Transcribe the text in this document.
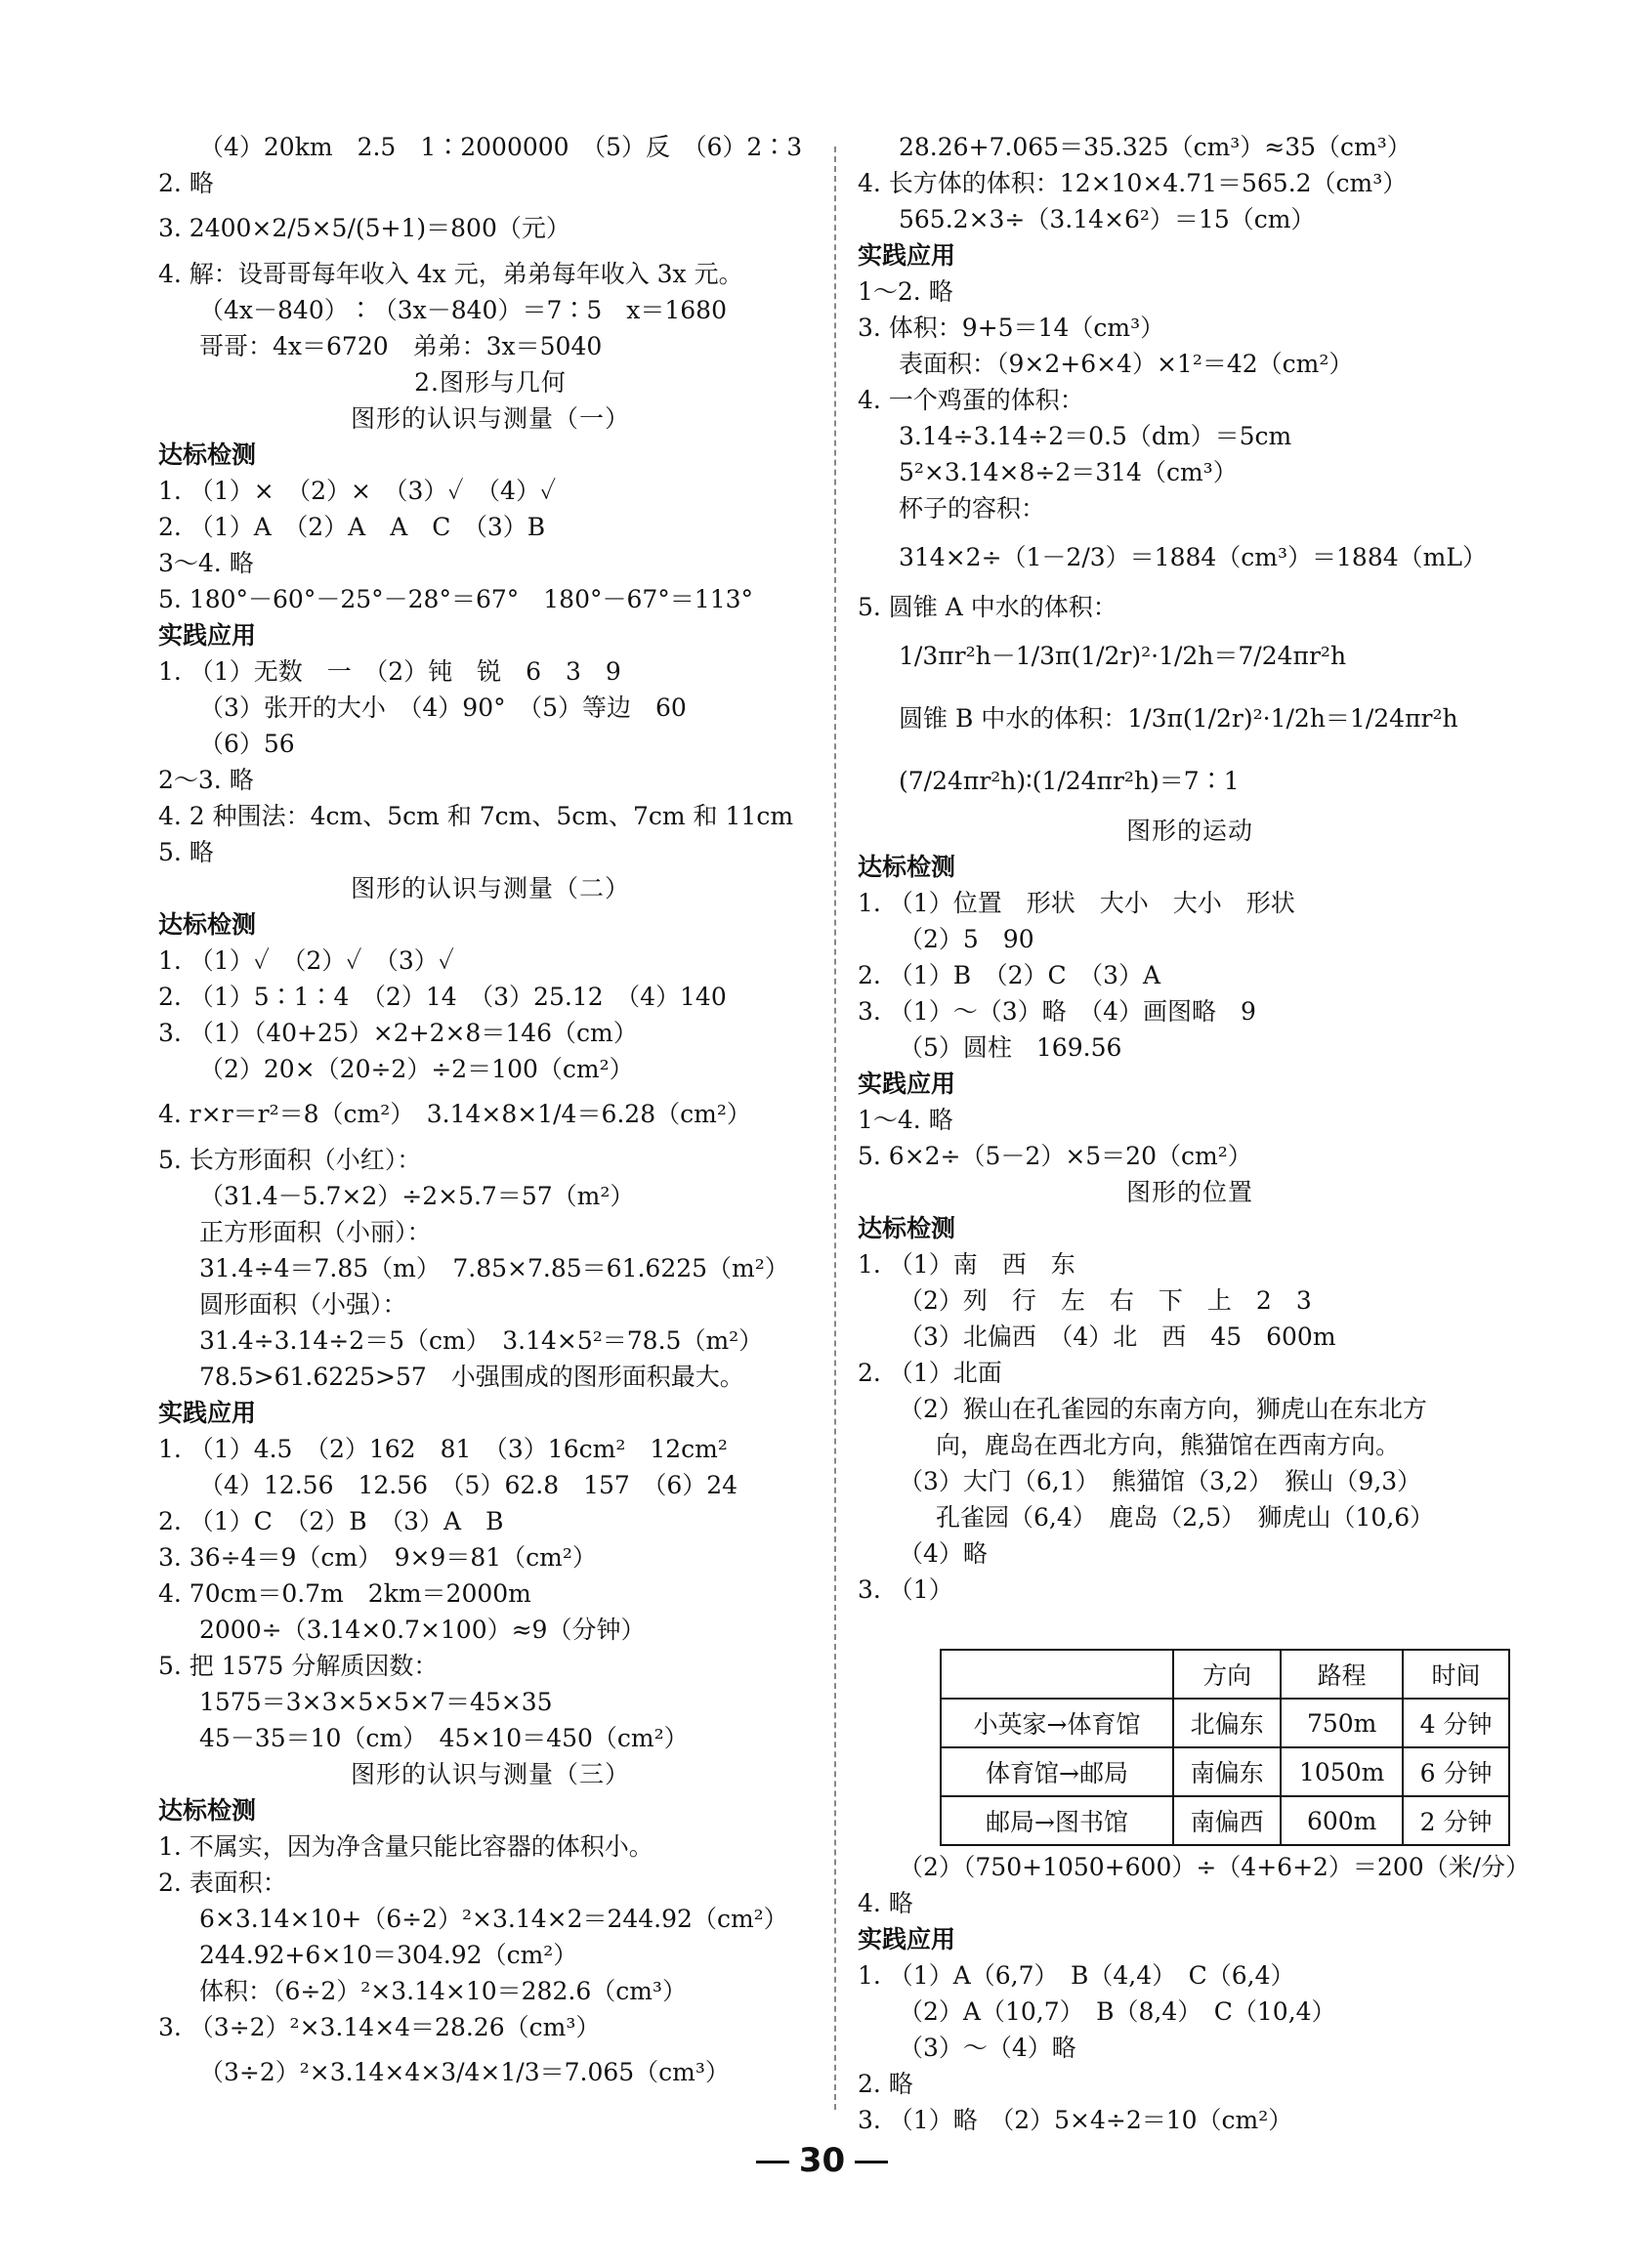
（4）20km　2.5　1∶2000000　（5）反　（6）2∶3
2. 略
3. 2400×2/5×5/(5+1)＝800（元）
4. 解：设哥哥每年收入 4x 元，弟弟每年收入 3x 元。
（4x－840）∶（3x－840）＝7∶5　x＝1680
哥哥：4x＝6720　弟弟：3x＝5040
2.图形与几何
图形的认识与测量（一）
达标检测
1. （1）×　（2）×　（3）✓　（4）✓
2. （1）A　（2）A　A　C　（3）B
3～4. 略
5. 180°－60°－25°－28°＝67°　180°－67°＝113°
实践应用
1. （1）无数　一　（2）钝　锐　6　3　9
（3）张开的大小　（4）90°　（5）等边　60
（6）56
2～3. 略
4. 2 种围法：4cm、5cm 和 7cm、5cm、7cm 和 11cm
5. 略
图形的认识与测量（二）
达标检测
1. （1）✓　（2）✓　（3）✓
2. （1）5∶1∶4　（2）14　（3）25.12　（4）140
3. （1）（40+25）×2+2×8＝146（cm）
（2）20×（20÷2）÷2＝100（cm²）
4. r×r＝r²＝8（cm²）　3.14×8×1/4＝6.28（cm²）
5. 长方形面积（小红）：
（31.4－5.7×2）÷2×5.7＝57（m²）
正方形面积（小丽）：
31.4÷4＝7.85（m）　7.85×7.85＝61.6225（m²）
圆形面积（小强）：
31.4÷3.14÷2＝5（cm）　3.14×5²＝78.5（m²）
78.5>61.6225>57　小强围成的图形面积最大。
实践应用
1. （1）4.5　（2）162　81　（3）16cm²　12cm²
（4）12.56　12.56　（5）62.8　157　（6）24
2. （1）C　（2）B　（3）A　B
3. 36÷4＝9（cm）　9×9＝81（cm²）
4. 70cm＝0.7m　2km＝2000m
2000÷（3.14×0.7×100）≈9（分钟）
5. 把 1575 分解质因数：
1575＝3×3×5×5×7＝45×35
45－35＝10（cm）　45×10＝450（cm²）
图形的认识与测量（三）
达标检测
1. 不属实，因为净含量只能比容器的体积小。
2. 表面积：
6×3.14×10+（6÷2）²×3.14×2＝244.92（cm²）
244.92+6×10＝304.92（cm²）
体积：（6÷2）²×3.14×10＝282.6（cm³）
3. （3÷2）²×3.14×4＝28.26（cm³）
（3÷2）²×3.14×4×3/4×1/3＝7.065（cm³）
28.26+7.065＝35.325（cm³）≈35（cm³）
4. 长方体的体积：12×10×4.71＝565.2（cm³）
565.2×3÷（3.14×6²）＝15（cm）
实践应用
1～2. 略
3. 体积：9+5＝14（cm³）
表面积：（9×2+6×4）×1²＝42（cm²）
4. 一个鸡蛋的体积：
3.14÷3.14÷2＝0.5（dm）＝5cm
5²×3.14×8÷2＝314（cm³）
杯子的容积：
314×2÷（1－2/3）＝1884（cm³）＝1884（mL）
5. 圆锥 A 中水的体积：
1/3πr²h－1/3π(1/2r)²·1/2h＝7/24πr²h
圆锥 B 中水的体积：1/3π(1/2r)²·1/2h＝1/24πr²h
(7/24πr²h)∶(1/24πr²h)＝7∶1
图形的运动
达标检测
1. （1）位置　形状　大小　大小　形状
（2）5　90
2. （1）B　（2）C　（3）A
3. （1）～（3）略　（4）画图略　9
（5）圆柱　169.56
实践应用
1～4. 略
5. 6×2÷（5－2）×5＝20（cm²）
图形的位置
达标检测
1. （1）南　西　东
（2）列　行　左　右　下　上　2　3
（3）北偏西　（4）北　西　45　600m
2. （1）北面
（2）猴山在孔雀园的东南方向，狮虎山在东北方
向，鹿岛在西北方向，熊猫馆在西南方向。
（3）大门（6,1）　熊猫馆（3,2）　猴山（9,3）
孔雀园（6,4）　鹿岛（2,5）　狮虎山（10,6）
（4）略
3. （1）
	方向	路程	时间
小英家→体育馆	北偏东	750m	4 分钟
体育馆→邮局	南偏东	1050m	6 分钟
邮局→图书馆	南偏西	600m	2 分钟
（2）（750+1050+600）÷（4+6+2）＝200（米/分）
4. 略
实践应用
1. （1）A（6,7）　B（4,4）　C（6,4）
（2）A（10,7）　B（8,4）　C（10,4）
（3）～（4）略
2. 略
3. （1）略　（2）5×4÷2＝10（cm²）
30
